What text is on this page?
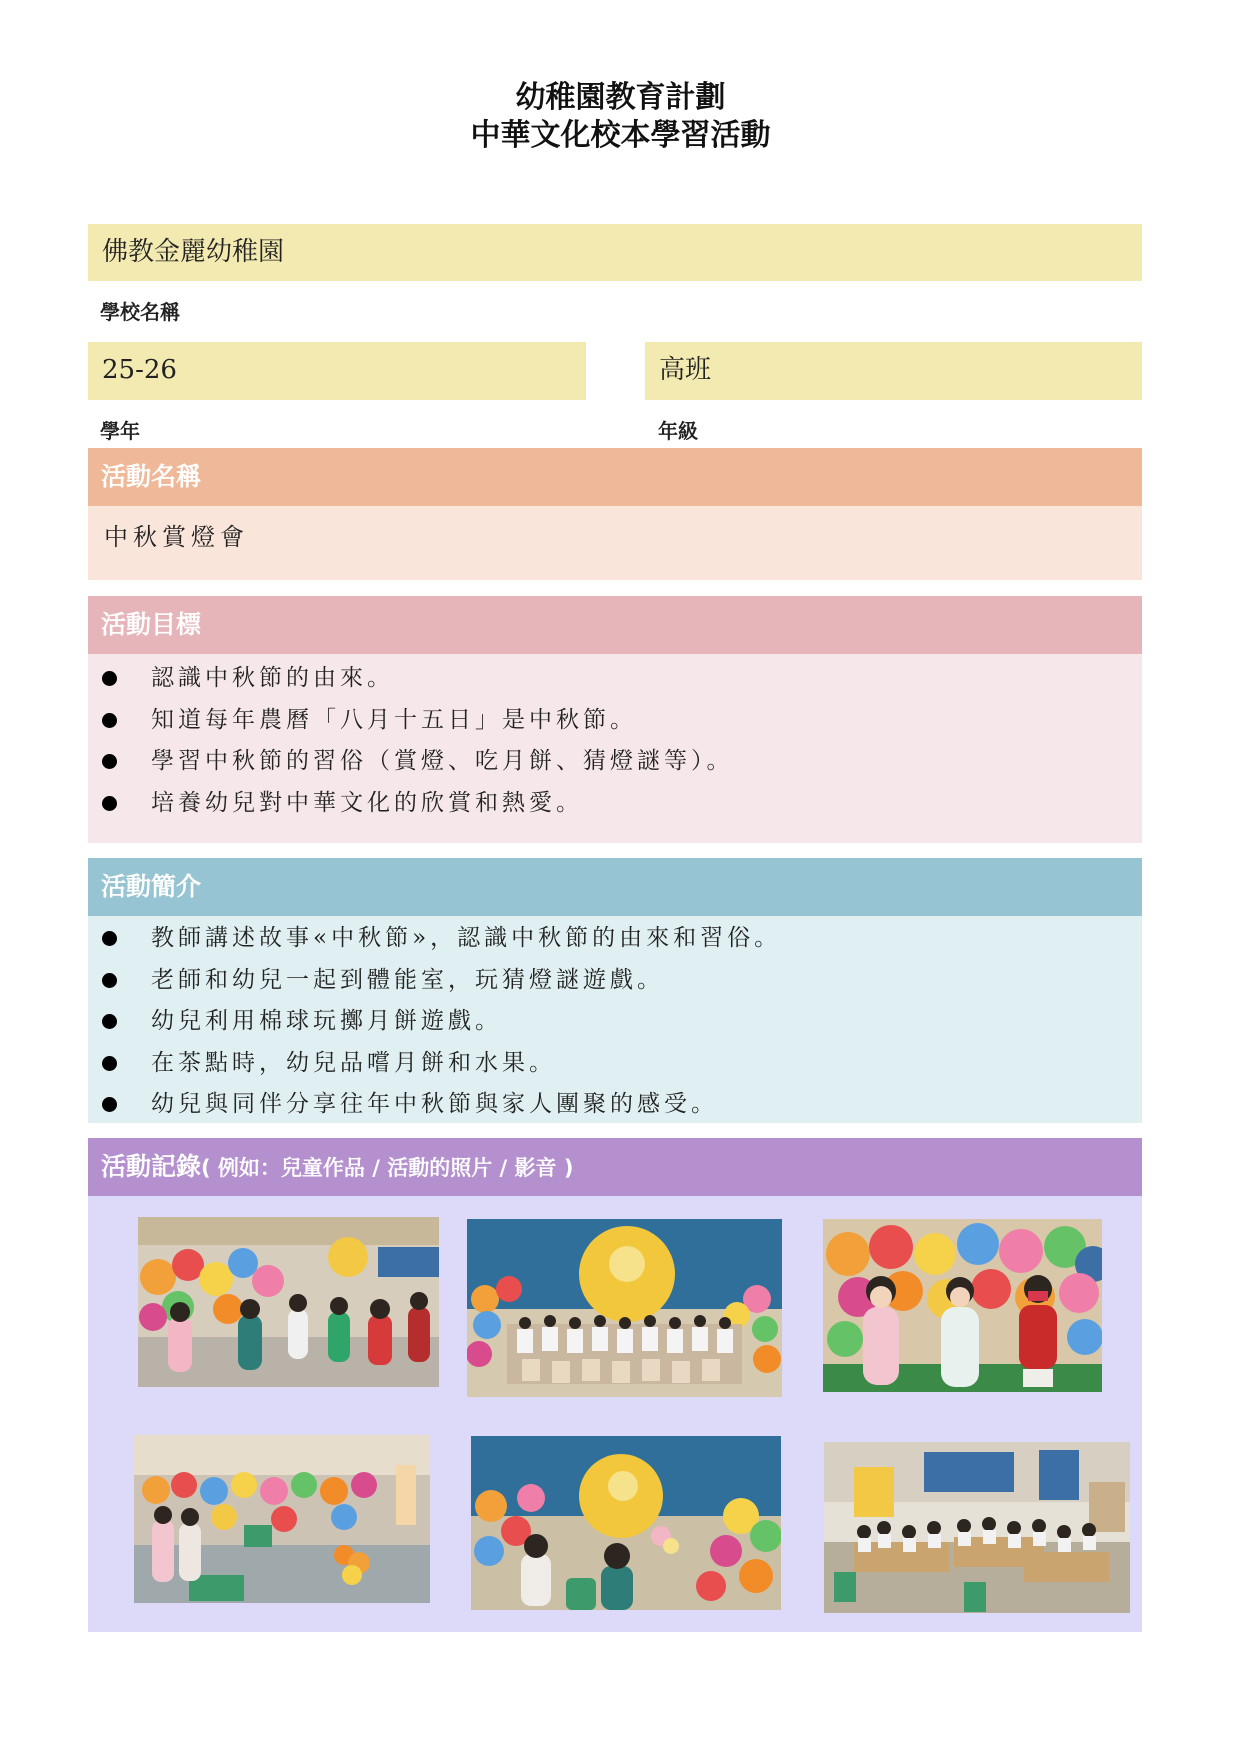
幼稚園教育計劃
中華文化校本學習活動
佛教金麗幼稚園
學校名稱
25-26	高班
學年	年級
活動名稱
中秋賞燈會
活動目標
認識中秋節的由來。
知道每年農曆「八月十五日」是中秋節。
學習中秋節的習俗（賞燈、吃月餅、猜燈謎等）。
培養幼兒對中華文化的欣賞和熱愛。
活動簡介
教師講述故事«中秋節»，認識中秋節的由來和習俗。
老師和幼兒一起到體能室，玩猜燈謎遊戲。
幼兒利用棉球玩擲月餅遊戲。
在茶點時，幼兒品嚐月餅和水果。
幼兒與同伴分享往年中秋節與家人團聚的感受。
活動記錄( 例如：兒童作品 / 活動的照片 / 影音 )
